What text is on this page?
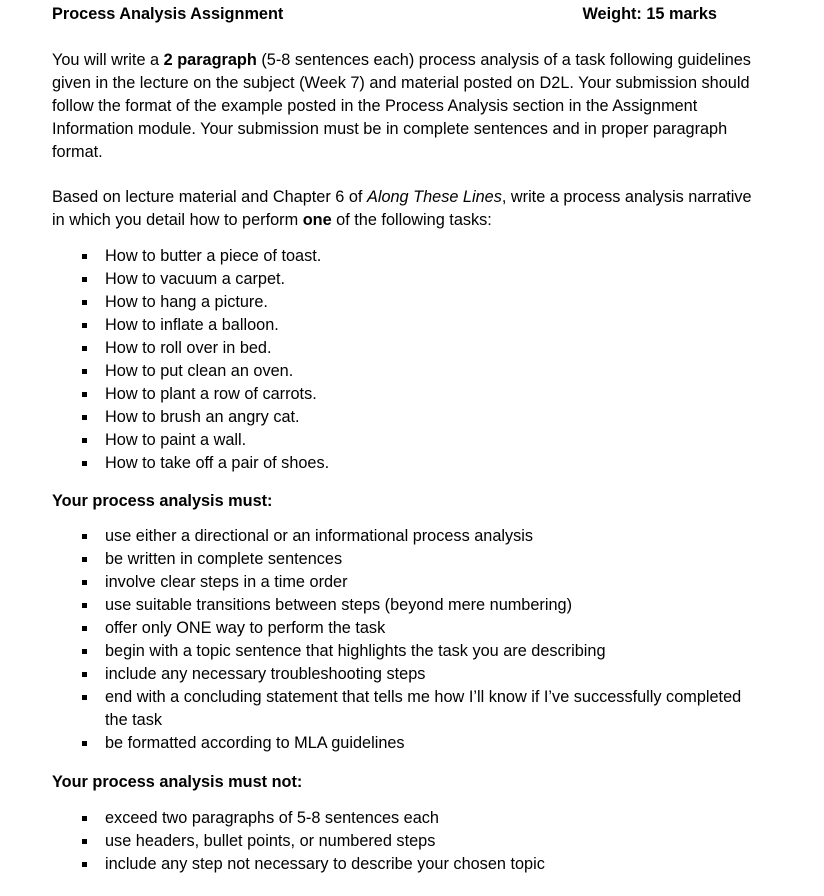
Process Analysis Assignment	Weight: 15 marks

You will write a 2 paragraph (5-8 sentences each) process analysis of a task following guidelines given in the lecture on the subject (Week 7) and material posted on D2L. Your submission should follow the format of the example posted in the Process Analysis section in the Assignment Information module. Your submission must be in complete sentences and in proper paragraph format.

Based on lecture material and Chapter 6 of Along These Lines, write a process analysis narrative in which you detail how to perform one of the following tasks:

How to butter a piece of toast.
How to vacuum a carpet.
How to hang a picture.
How to inflate a balloon.
How to roll over in bed.
How to put clean an oven.
How to plant a row of carrots.
How to brush an angry cat.
How to paint a wall.
How to take off a pair of shoes.

Your process analysis must:

use either a directional or an informational process analysis
be written in complete sentences
involve clear steps in a time order
use suitable transitions between steps (beyond mere numbering)
offer only ONE way to perform the task
begin with a topic sentence that highlights the task you are describing
include any necessary troubleshooting steps
end with a concluding statement that tells me how I’ll know if I’ve successfully completed the task
be formatted according to MLA guidelines

Your process analysis must not:

exceed two paragraphs of 5-8 sentences each
use headers, bullet points, or numbered steps
include any step not necessary to describe your chosen topic
